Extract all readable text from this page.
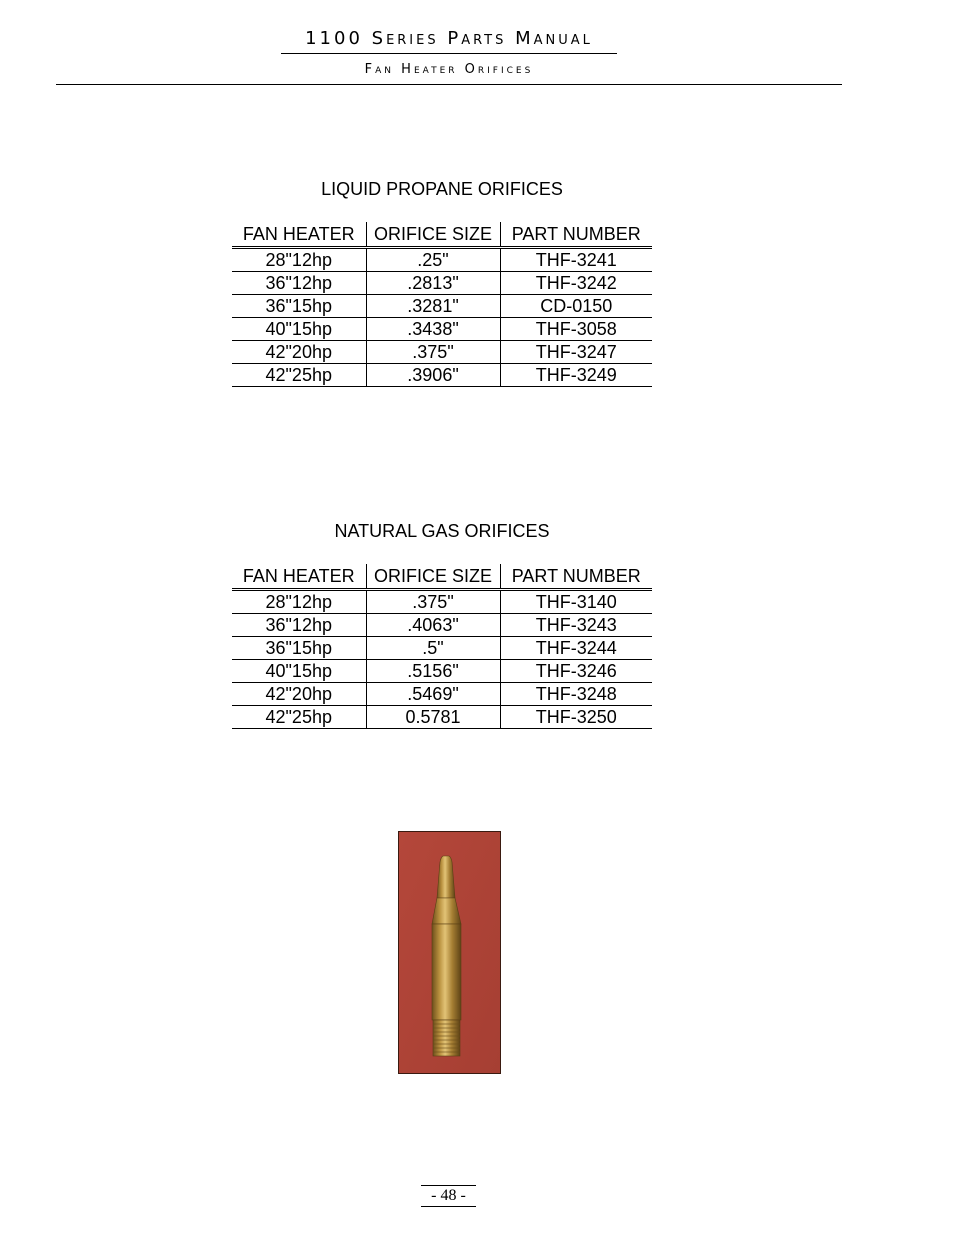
1100 Series Parts Manual
Fan Heater Orifices
LIQUID PROPANE ORIFICES
FAN HEATER	ORIFICE SIZE	PART NUMBER
28"12hp	.25"	THF-3241
36"12hp	.2813"	THF-3242
36"15hp	.3281"	CD-0150
40"15hp	.3438"	THF-3058
42"20hp	.375"	THF-3247
42"25hp	.3906"	THF-3249
NATURAL GAS ORIFICES
FAN HEATER	ORIFICE SIZE	PART NUMBER
28"12hp	.375"	THF-3140
36"12hp	.4063"	THF-3243
36"15hp	.5"	THF-3244
40"15hp	.5156"	THF-3246
42"20hp	.5469"	THF-3248
42"25hp	0.5781	THF-3250
- 48 -
